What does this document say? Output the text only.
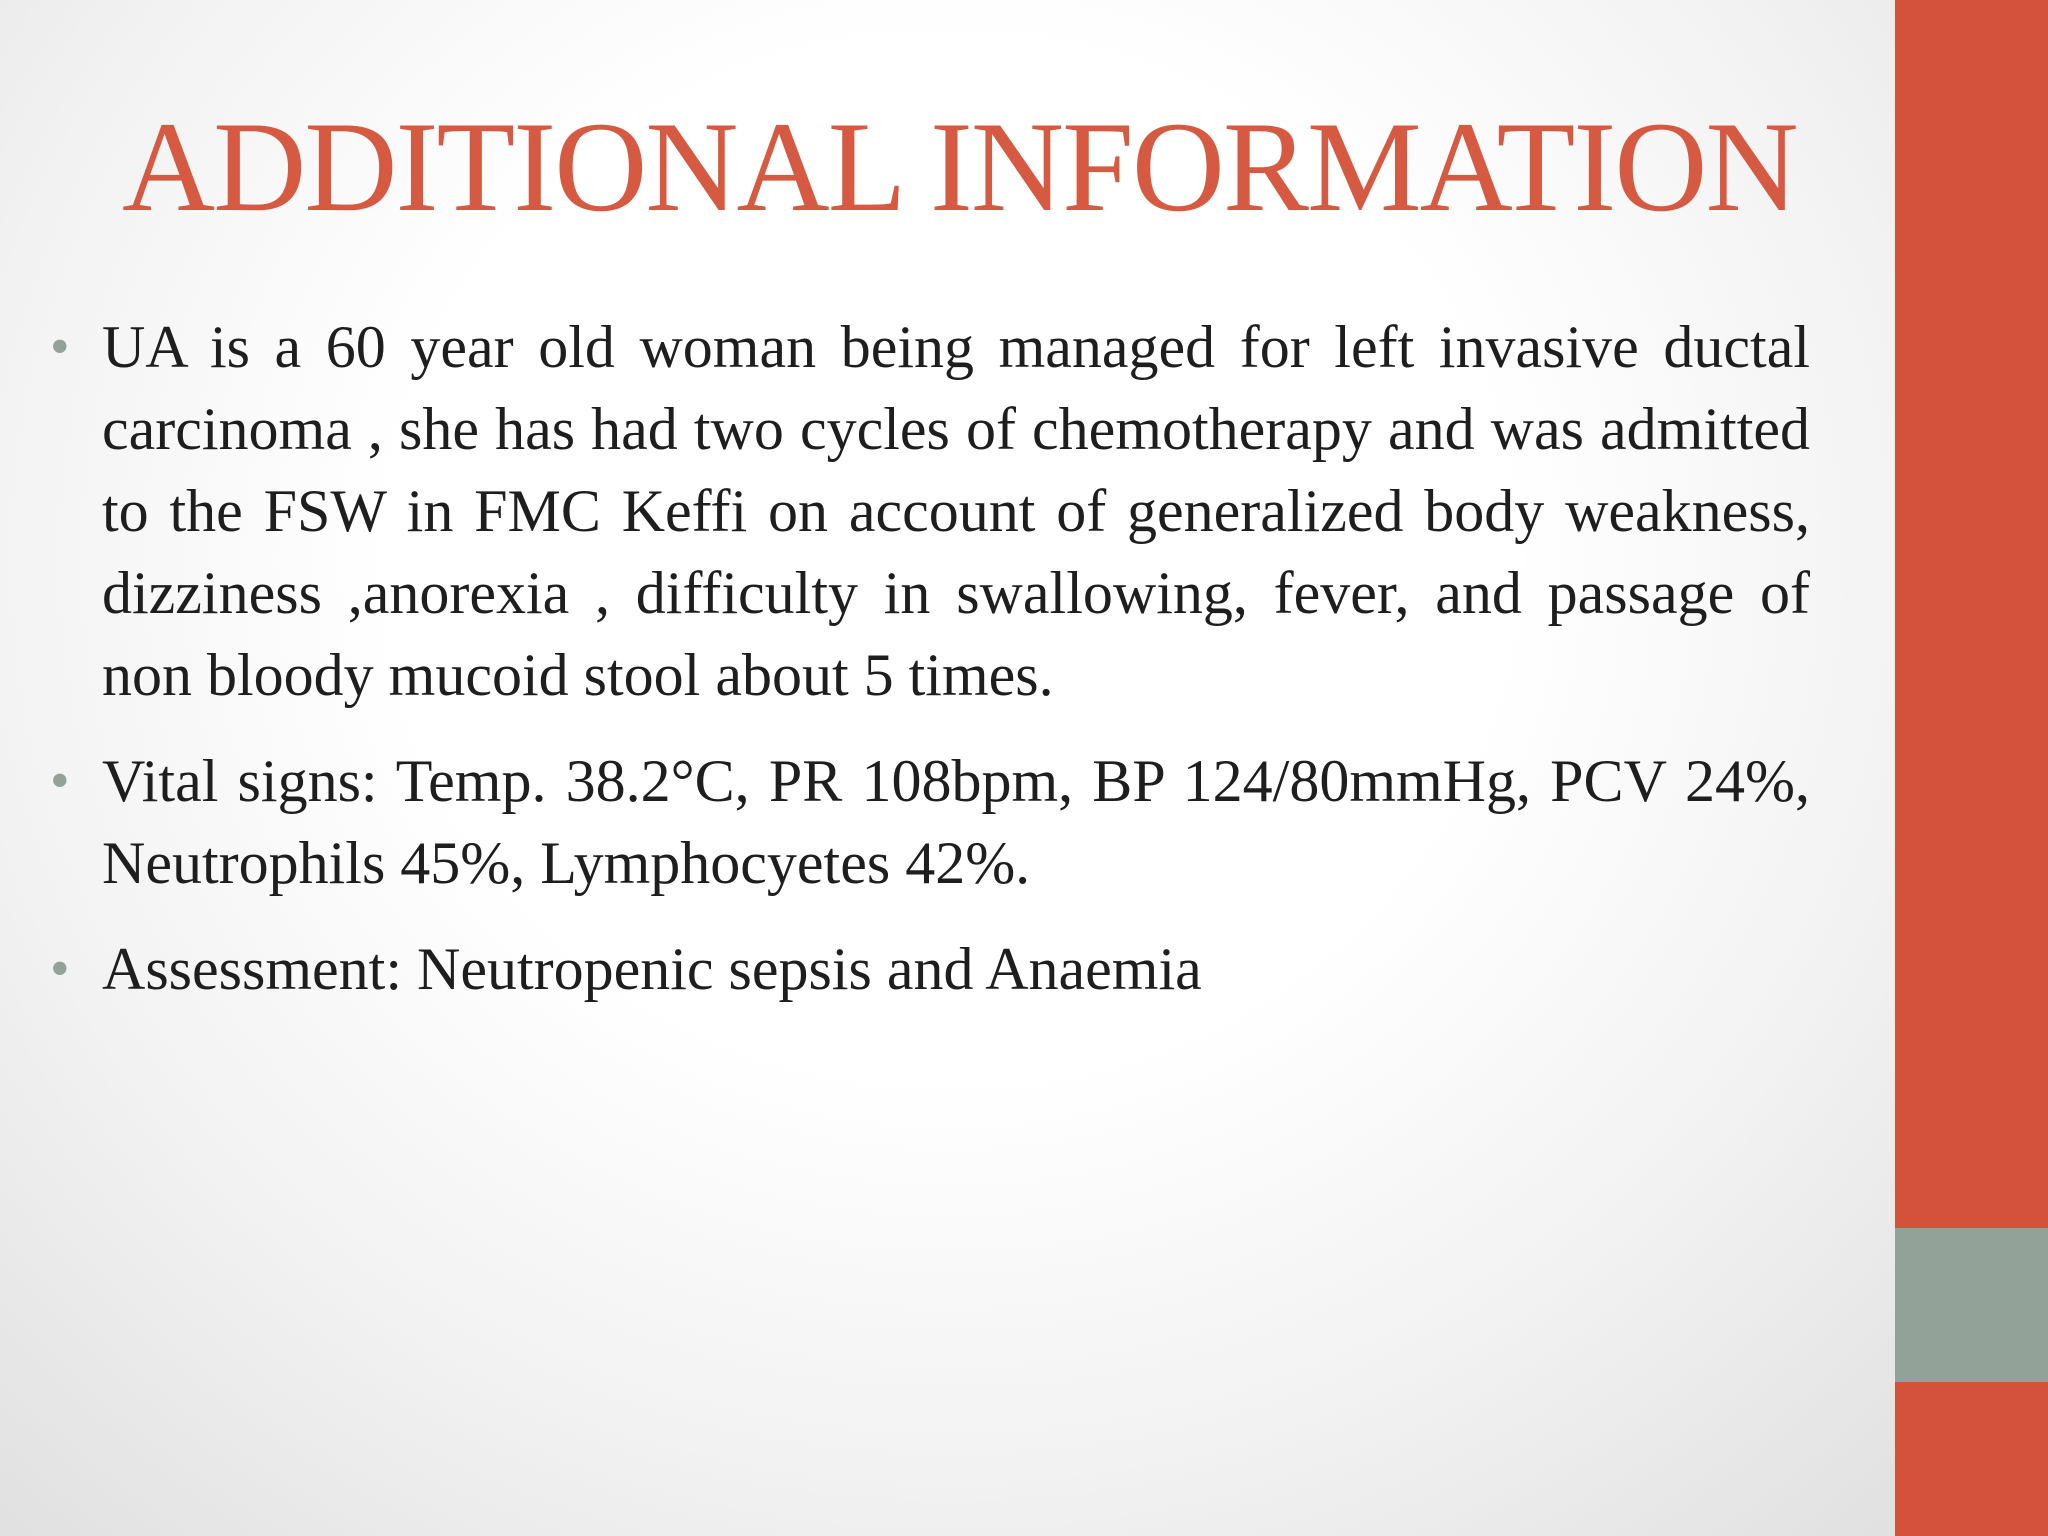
ADDITIONAL INFORMATION
• UA is a 60 year old woman being managed for left invasive ductal carcinoma , she has had two cycles of chemotherapy and was admitted to the FSW in FMC Keffi on account of generalized body weakness, dizziness ,anorexia , difficulty in swallowing, fever, and passage of non bloody mucoid stool about 5 times.
• Vital signs: Temp. 38.2°C, PR 108bpm, BP 124/80mmHg, PCV 24%, Neutrophils 45%, Lymphocyetes 42%.
• Assessment: Neutropenic sepsis and Anaemia
